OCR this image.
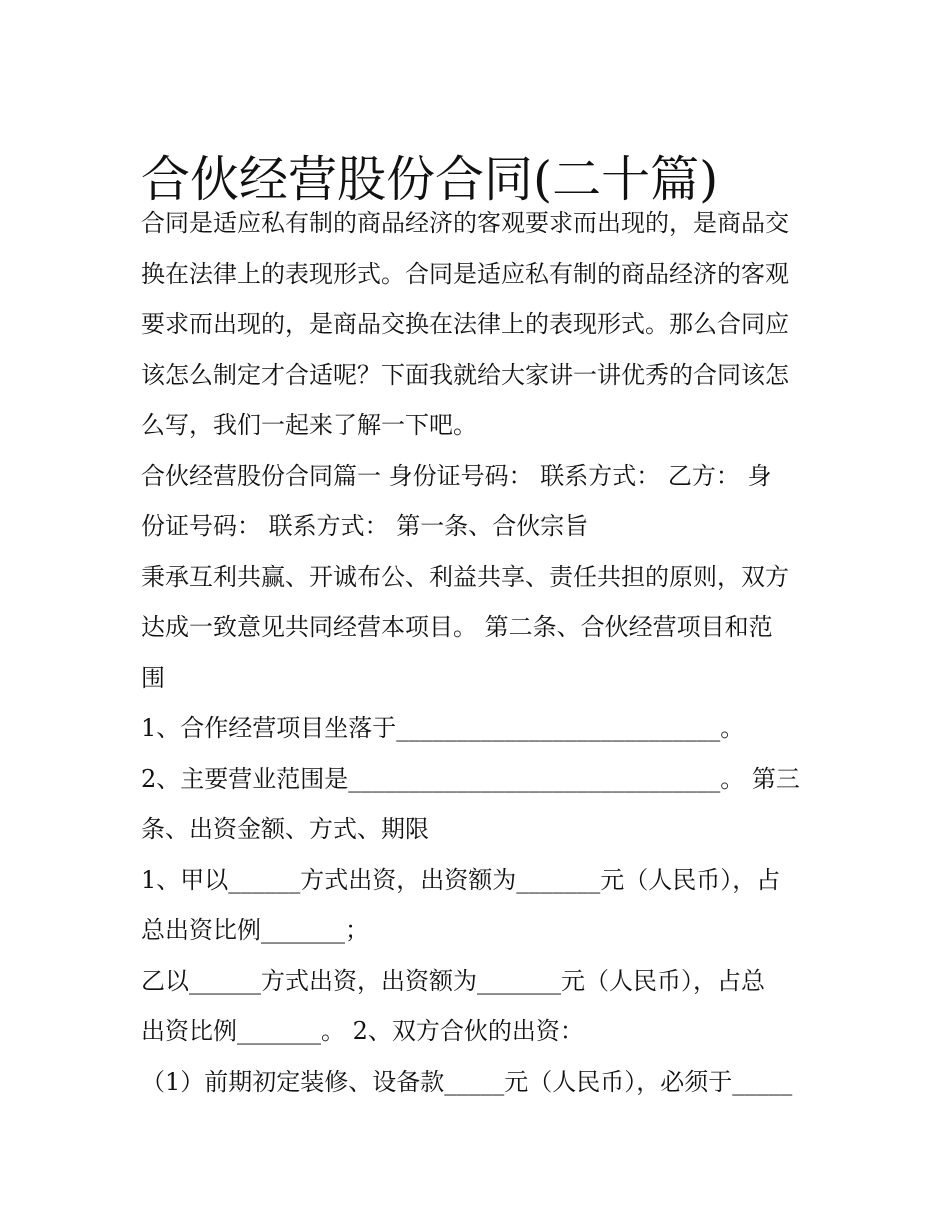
合伙经营股份合同(二十篇)
合同是适应私有制的商品经济的客观要求而出现的，是商品交
换在法律上的表现形式。合同是适应私有制的商品经济的客观
要求而出现的，是商品交换在法律上的表现形式。那么合同应
该怎么制定才合适呢？下面我就给大家讲一讲优秀的合同该怎
么写，我们一起来了解一下吧。
合伙经营股份合同篇一 身份证号码： 联系方式： 乙方： 身
份证号码： 联系方式： 第一条、合伙宗旨
秉承互利共赢、开诚布公、利益共享、责任共担的原则，双方
达成一致意见共同经营本项目。 第二条、合伙经营项目和范
围
1、合作经营项目坐落于___________________________。
2、主要营业范围是_______________________________。 第三
条、出资金额、方式、期限
1、甲以______方式出资，出资额为_______元（人民币），占
总出资比例_______；
乙以______方式出资，出资额为_______元（人民币），占总
出资比例_______。 2、双方合伙的出资：
（1）前期初定装修、设备款_____元（人民币），必须于_____
